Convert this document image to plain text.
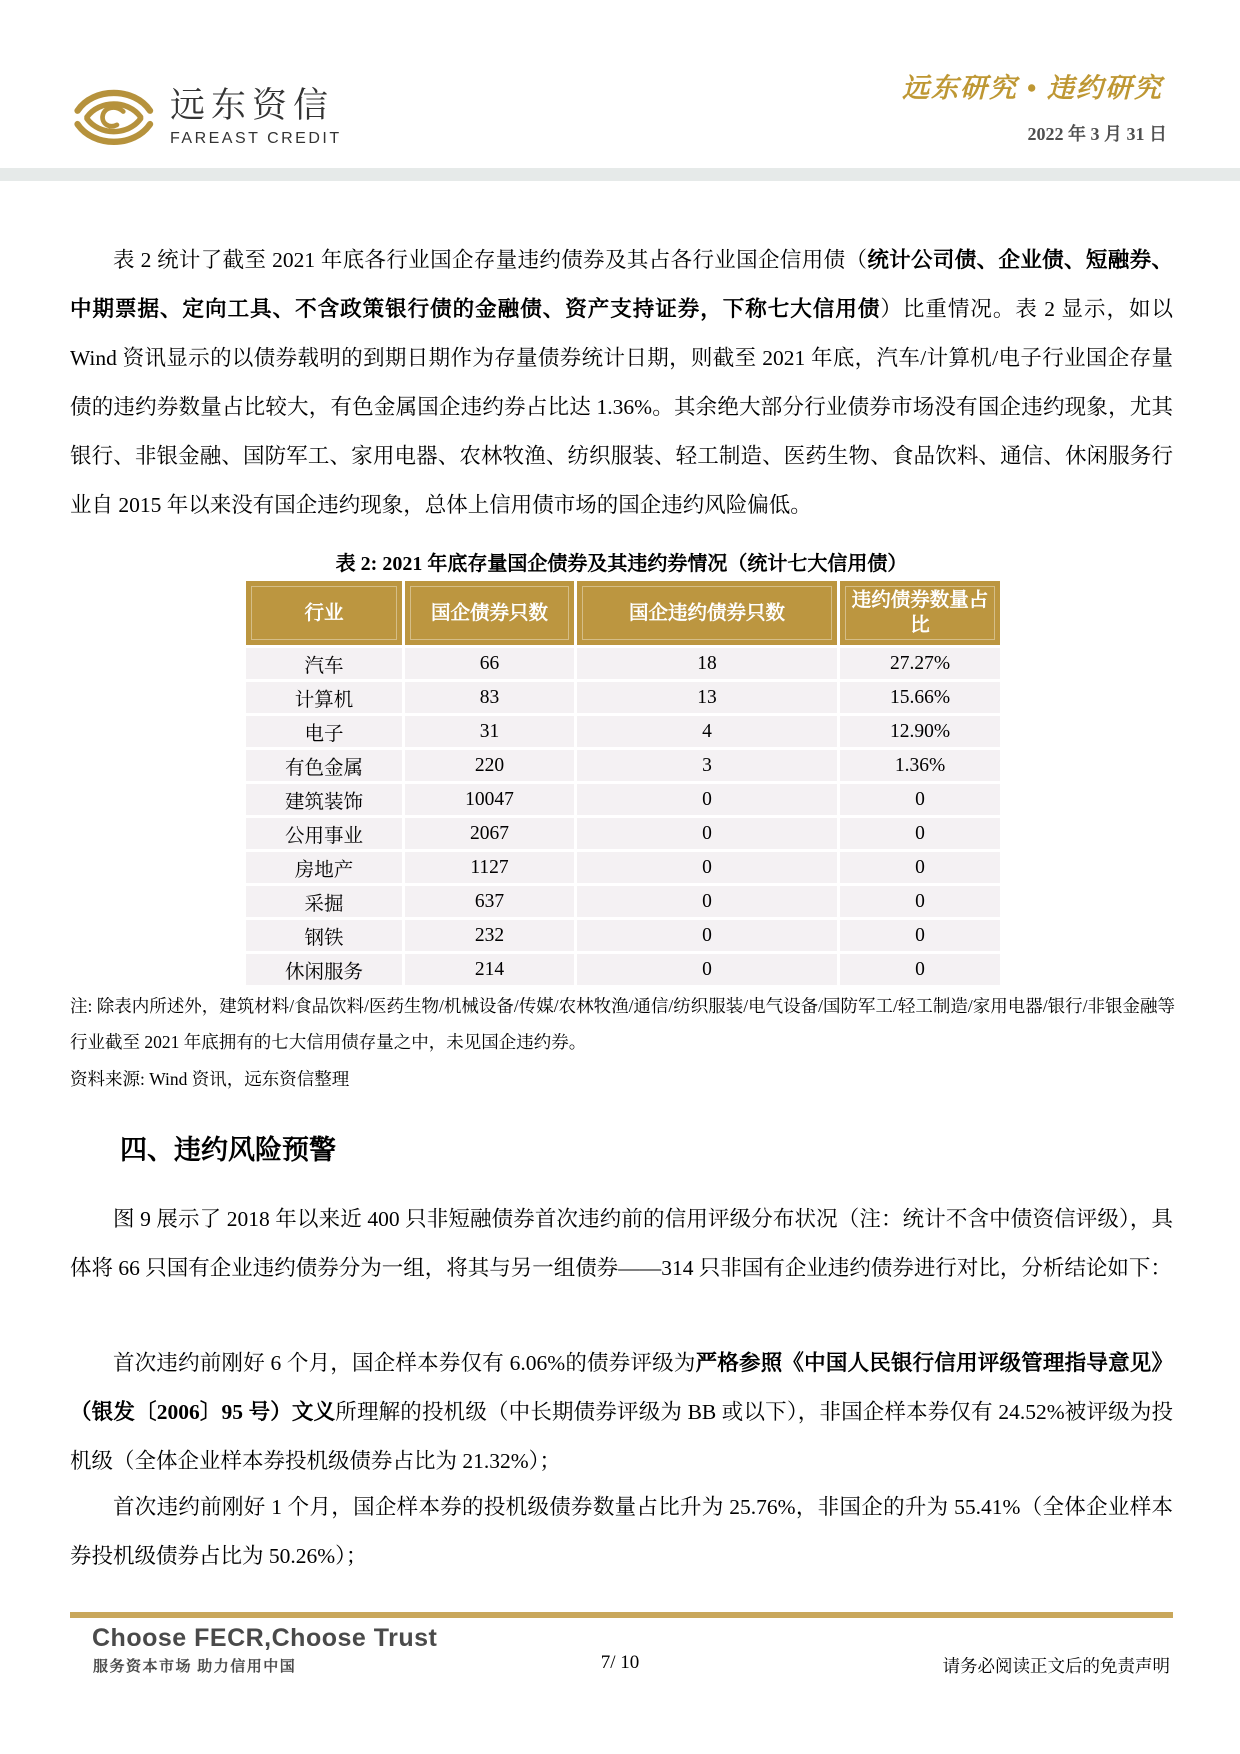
远东资信
FAREAST CREDIT
远东研究 • 违约研究
2022 年 3 月 31 日

表 2 统计了截至 2021 年底各行业国企存量违约债券及其占各行业国企信用债（统计公司债、企业债、短融券、中期票据、定向工具、不含政策银行债的金融债、资产支持证券，下称七大信用债）比重情况。表 2 显示，如以 Wind 资讯显示的以债券载明的到期日期作为存量债券统计日期，则截至 2021 年底，汽车/计算机/电子行业国企存量债的违约券数量占比较大，有色金属国企违约券占比达 1.36%。其余绝大部分行业债券市场没有国企违约现象，尤其银行、非银金融、国防军工、家用电器、农林牧渔、纺织服装、轻工制造、医药生物、食品饮料、通信、休闲服务行业自 2015 年以来没有国企违约现象，总体上信用债市场的国企违约风险偏低。

表 2: 2021 年底存量国企债券及其违约券情况（统计七大信用债）
行业	国企债券只数	国企违约债券只数	违约债券数量占比

汽车	66	18	27.27%
计算机	83	13	15.66%
电子	31	4	12.90%
有色金属	220	3	1.36%
建筑装饰	10047	0	0
公用事业	2067	0	0
房地产	1127	0	0
采掘	637	0	0
钢铁	232	0	0
休闲服务	214	0	0
注: 除表内所述外，建筑材料/食品饮料/医药生物/机械设备/传媒/农林牧渔/通信/纺织服装/电气设备/国防军工/轻工制造/家用电器/银行/非银金融等行业截至 2021 年底拥有的七大信用债存量之中，未见国企违约券。
资料来源: Wind 资讯，远东资信整理
四、违约风险预警

图 9 展示了 2018 年以来近 400 只非短融债券首次违约前的信用评级分布状况（注：统计不含中债资信评级），具体将 66 只国有企业违约债券分为一组，将其与另一组债券——314 只非国有企业违约债券进行对比，分析结论如下：

首次违约前刚好 6 个月，国企样本券仅有 6.06%的债券评级为严格参照《中国人民银行信用评级管理指导意见》（银发〔2006〕95 号）文义所理解的投机级（中长期债券评级为 BB 或以下），非国企样本券仅有 24.52%被评级为投机级（全体企业样本券投机级债券占比为 21.32%）；

首次违约前刚好 1 个月，国企样本券的投机级债券数量占比升为 25.76%，非国企的升为 55.41%（全体企业样本券投机级债券占比为 50.26%）；

Choose FECR,Choose Trust
服务资本市场 助力信用中国	7/ 10	请务必阅读正文后的免责声明
